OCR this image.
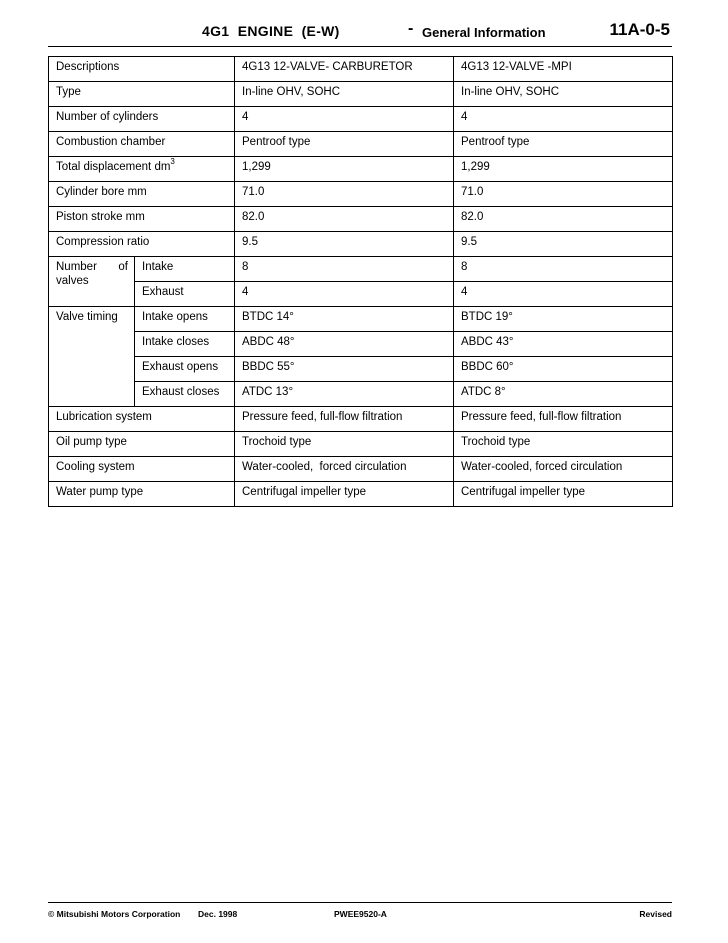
4G1  ENGINE  (E-W)	- General Information	11A-0-5
Descriptions		4G13 12-VALVE- CARBURETOR	4G13 12-VALVE -MPI
Type		In-line OHV, SOHC	In-line OHV, SOHC
Number of cylinders		4	4
Combustion chamber		Pentroof type	Pentroof type
Total displacement $dm^3$		1,299	1,299
Cylinder bore mm		71.0	71.0
Piston stroke mm		82.0	82.0
Compression ratio		9.5	9.5

Number of
valves	Intake	8	8
	Exhaust	4	4
Valve timing	Intake opens	BTDC 14°	BTDC 19°
	Intake closes	ABDC 48°	ABDC 43°
	Exhaust opens	BBDC 55°	BBDC 60°
	Exhaust closes	ATDC 13°	ATDC 8°
Lubrication system		Pressure feed, full-flow filtration	Pressure feed, full-flow filtration
Oil pump type		Trochoid type	Trochoid type
Cooling system		Water-cooled,  forced circulation	Water-cooled, forced circulation
Water pump type		Centrifugal impeller type	Centrifugal impeller type
© Mitsubishi Motors Corporation Dec. 1998	PWEE9520-A	Revised
